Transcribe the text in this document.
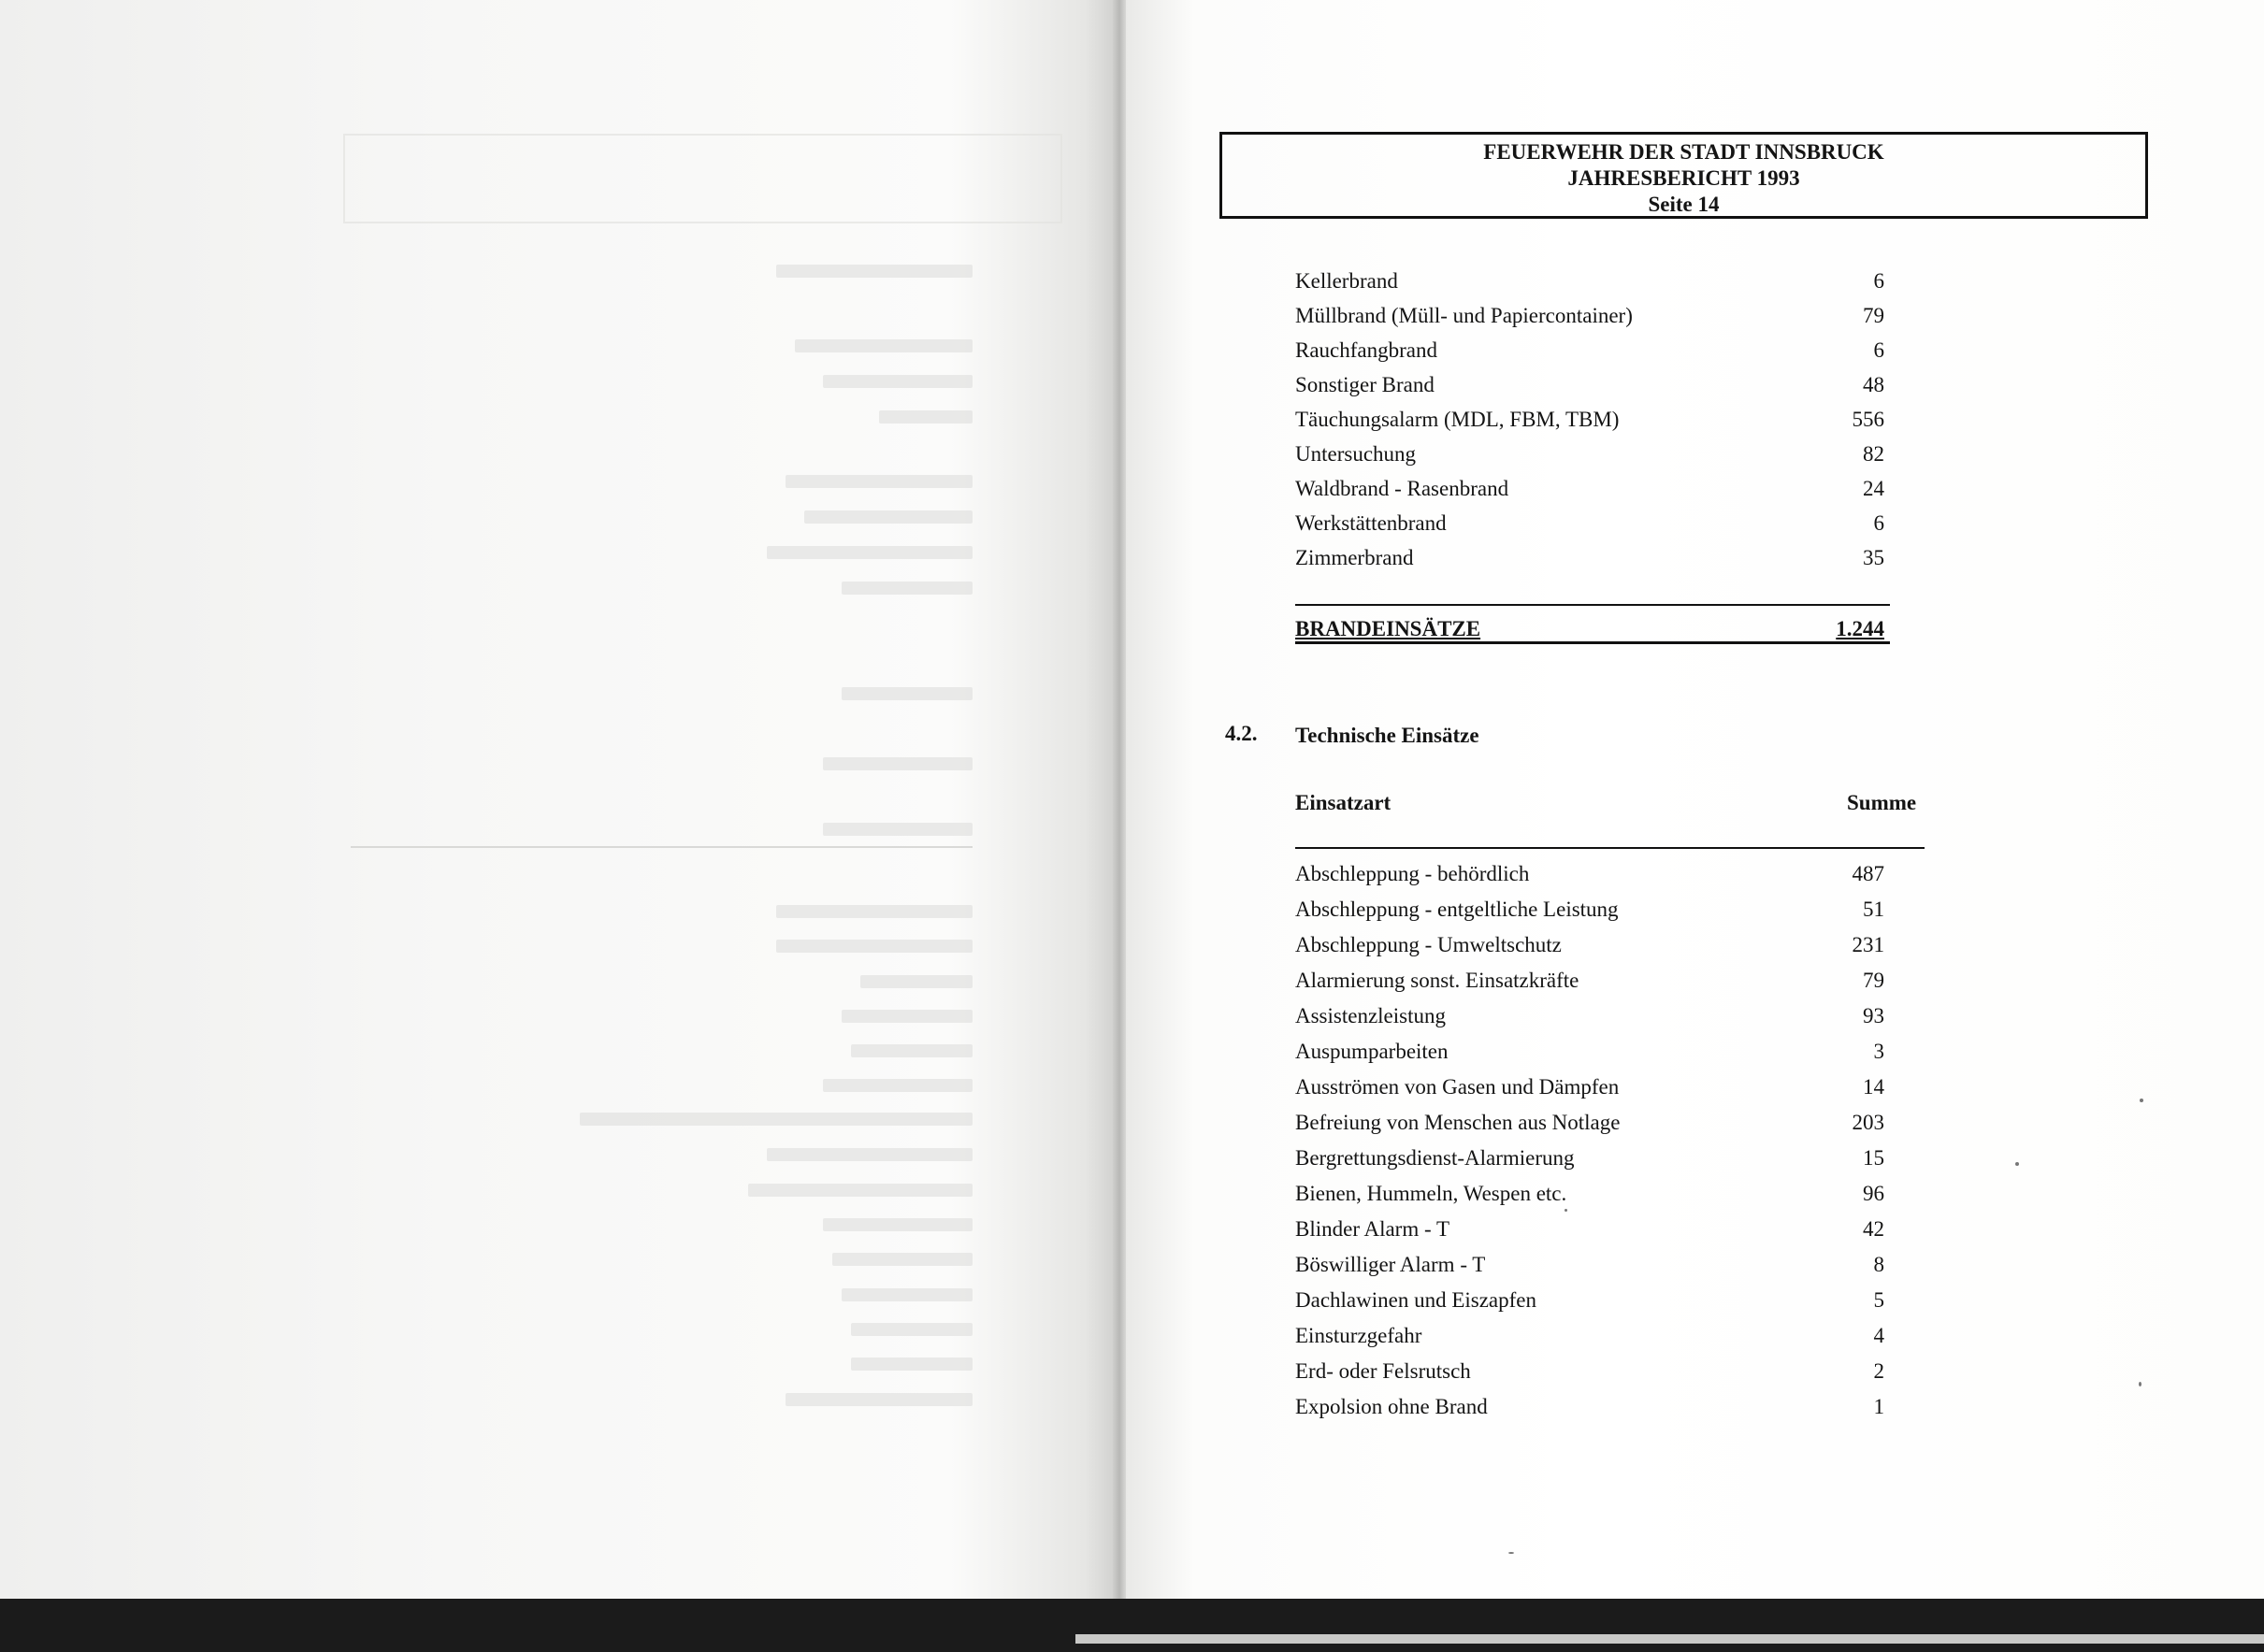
FEUERWEHR DER STADT INNSBRUCK
JAHRESBERICHT 1993
Seite 14
Kellerbrand	6
Müllbrand (Müll- und Papiercontainer)	79
Rauchfangbrand	6
Sonstiger Brand	48
Täuchungsalarm (MDL, FBM, TBM)	556
Untersuchung	82
Waldbrand - Rasenbrand	24
Werkstättenbrand	6
Zimmerbrand	35
BRANDEINSÄTZE	1.244
4.2. Technische Einsätze
Einsatzart	Summe
Abschleppung - behördlich	487
Abschleppung - entgeltliche Leistung	51
Abschleppung - Umweltschutz	231
Alarmierung sonst. Einsatzkräfte	79
Assistenzleistung	93
Auspumparbeiten	3
Ausströmen von Gasen und Dämpfen	14
Befreiung von Menschen aus Notlage	203
Bergrettungsdienst-Alarmierung	15
Bienen, Hummeln, Wespen etc.	96
Blinder Alarm - T	42
Böswilliger Alarm - T	8
Dachlawinen und Eiszapfen	5
Einsturzgefahr	4
Erd- oder Felsrutsch	2
Expolsion ohne Brand	1
